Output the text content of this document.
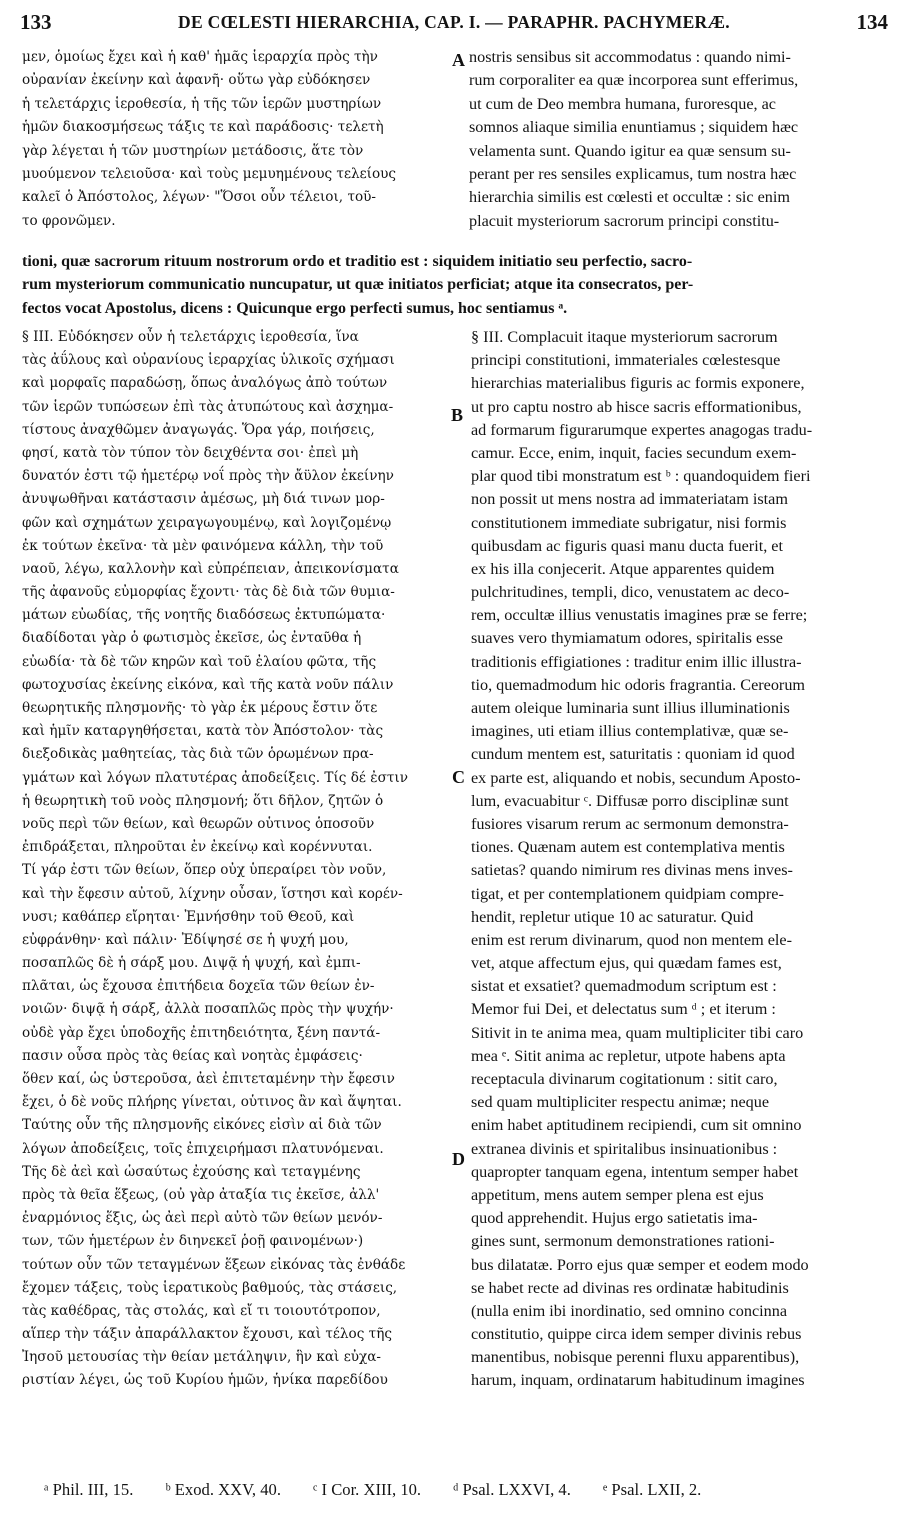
133	DE CŒLESTI HIERARCHIA, CAP. I. — PARAPHR. PACHYMERÆ.	134
μεν, ὁμοίως ἔχει καὶ ἡ καθ' ἡμᾶς ἱεραρχία πρὸς τὴν
οὐρανίαν ἐκείνην καὶ ἀφανῆ· οὕτω γὰρ εὐδόκησεν
ἡ τελετάρχις ἱεροθεσία, ἡ τῆς τῶν ἱερῶν μυστηρίων
ἡμῶν διακοσμήσεως τάξις τε καὶ παράδοσις· τελετὴ
γὰρ λέγεται ἡ τῶν μυστηρίων μετάδοσις, ἅτε τὸν
μυούμενον τελειοῦσα· καὶ τοὺς μεμυημένους τελείους
καλεῖ ὁ Ἀπόστολος, λέγων· "Ὅσοι οὖν τέλειοι, τοῦ-
το φρονῶμεν.
nostris sensibus sit accommodatus : quando nimi-
rum corporaliter ea quæ incorporea sunt efferimus,
ut cum de Deo membra humana, furoresque, ac
somnos aliaque similia enuntiamus ; siquidem hæc
velamenta sunt. Quando igitur ea quæ sensum su-
perant per res sensiles explicamus, tum nostra hæc
hierarchia similis est cœlesti et occultæ : sic enim
placuit mysteriorum sacrorum principi constitu-
tioni, quæ sacrorum rituum nostrorum ordo et traditio est : siquidem initiatio seu perfectio, sacro-
rum mysteriorum communicatio nuncupatur, ut quæ initiatos perficiat; atque ita consecratos, per-
fectos vocat Apostolus, dicens : Quicunque ergo perfecti sumus, hoc sentiamus ᵃ.
§ III. Εὐδόκησεν οὖν ἡ τελετάρχις ἱεροθεσία, ἵνα
τὰς ἀΰλους καὶ οὐρανίους ἱεραρχίας ὑλικοῖς σχήμασι
καὶ μορφαῖς παραδώσῃ, ὅπως ἀναλόγως ἀπὸ τούτων
τῶν ἱερῶν τυπώσεων ἐπὶ τὰς ἀτυπώτους καὶ ἀσχημα-
τίστους ἀναχθῶμεν ἀναγωγάς. Ὅρα γάρ, ποιήσεις,
φησί, κατὰ τὸν τύπον τὸν δειχθέντα σοι· ἐπεὶ μὴ
δυνατόν ἐστι τῷ ἡμετέρῳ νοΐ πρὸς τὴν ἄϋλον ἐκείνην
ἀνυψωθῆναι κατάστασιν ἀμέσως, μὴ διά τινων μορ-
φῶν καὶ σχημάτων χειραγωγουμένῳ, καὶ λογιζομένῳ
ἐκ τούτων ἐκεῖνα· τὰ μὲν φαινόμενα κάλλη, τὴν τοῦ
ναοῦ, λέγω, καλλονὴν καὶ εὐπρέπειαν, ἀπεικονίσματα
τῆς ἀφανοῦς εὐμορφίας ἔχοντι· τὰς δὲ διὰ τῶν θυμια-
μάτων εὐωδίας, τῆς νοητῆς διαδόσεως ἐκτυπώματα·
διαδίδοται γὰρ ὁ φωτισμὸς ἐκεῖσε, ὡς ἐνταῦθα ἡ
εὐωδία· τὰ δὲ τῶν κηρῶν καὶ τοῦ ἐλαίου φῶτα, τῆς
φωτοχυσίας ἐκείνης εἰκόνα, καὶ τῆς κατὰ νοῦν πάλιν
θεωρητικῆς πλησμονῆς· τὸ γὰρ ἐκ μέρους ἔστιν ὅτε
καὶ ἡμῖν καταργηθήσεται, κατὰ τὸν Ἀπόστολον· τὰς
διεξοδικὰς μαθητείας, τὰς διὰ τῶν ὁρωμένων πρα-
γμάτων καὶ λόγων πλατυτέρας ἀποδείξεις. Τίς δέ ἐστιν
ἡ θεωρητικὴ τοῦ νοὸς πλησμονή; ὅτι δῆλον, ζητῶν ὁ
νοῦς περὶ τῶν θείων, καὶ θεωρῶν οὑτινος ὁποσοῦν
ἐπιδράξεται, πληροῦται ἐν ἐκείνῳ καὶ κορέννυται.
Τί γάρ ἐστι τῶν θείων, ὅπερ οὐχ ὑπεραίρει τὸν νοῦν,
καὶ τὴν ἔφεσιν αὐτοῦ, λίχνην οὖσαν, ἵστησι καὶ κορέν-
νυσι; καθάπερ εἴρηται· Ἐμνήσθην τοῦ Θεοῦ, καὶ
εὐφράνθην· καὶ πάλιν· Ἐδίψησέ σε ἡ ψυχή μου,
ποσαπλῶς δὲ ἡ σάρξ μου. Διψᾷ ἡ ψυχή, καὶ ἐμπι-
πλᾶται, ὡς ἔχουσα ἐπιτήδεια δοχεῖα τῶν θείων ἐν-
νοιῶν· διψᾷ ἡ σάρξ, ἀλλὰ ποσαπλῶς πρὸς τὴν ψυχήν·
οὐδὲ γὰρ ἔχει ὑποδοχῆς ἐπιτηδειότητα, ξένη παντά-
πασιν οὖσα πρὸς τὰς θείας καὶ νοητὰς ἐμφάσεις·
ὅθεν καί, ὡς ὑστεροῦσα, ἀεὶ ἐπιτεταμένην τὴν ἔφεσιν
ἔχει, ὁ δὲ νοῦς πλήρης γίνεται, οὑτινος ἂν καὶ ἅψηται.
Ταύτης οὖν τῆς πλησμονῆς εἰκόνες εἰσὶν αἱ διὰ τῶν
λόγων ἀποδείξεις, τοῖς ἐπιχειρήμασι πλατυνόμεναι.
Τῆς δὲ ἀεὶ καὶ ὡσαύτως ἐχούσης καὶ τεταγμένης
πρὸς τὰ θεῖα ἕξεως, (οὐ γὰρ ἀταξία τις ἐκεῖσε, ἀλλ'
ἐναρμόνιος ἕξις, ὡς ἀεὶ περὶ αὐτὸ τῶν θείων μενόν-
των, τῶν ἡμετέρων ἐν διηνεκεῖ ῥοῇ φαινομένων·)
τούτων οὖν τῶν τεταγμένων ἕξεων εἰκόνας τὰς ἐνθάδε
ἔχομεν τάξεις, τοὺς ἱερατικοὺς βαθμούς, τὰς στάσεις,
τὰς καθέδρας, τὰς στολάς, καὶ εἴ τι τοιουτότροπον,
αἵπερ τὴν τάξιν ἀπαράλλακτον ἔχουσι, καὶ τέλος τῆς
Ἰησοῦ μετουσίας τὴν θείαν μετάληψιν, ἣν καὶ εὐχα-
ριστίαν λέγει, ὡς τοῦ Κυρίου ἡμῶν, ἡνίκα παρεδίδου
§ III. Complacuit itaque mysteriorum sacrorum
principi constitutioni, immateriales cœlestesque
hierarchias materialibus figuris ac formis exponere,
ut pro captu nostro ab hisce sacris efformationibus,
ad formarum figurarumque expertes anagogas tradu-
camur. Ecce, enim, inquit, facies secundum exem-
plar quod tibi monstratum est ᵇ : quandoquidem fieri
non possit ut mens nostra ad immateriatam istam
constitutionem immediate subrigatur, nisi formis
quibusdam ac figuris quasi manu ducta fuerit, et
ex his illa conjecerit. Atque apparentes quidem
pulchritudines, templi, dico, venustatem ac deco-
rem, occultæ illius venustatis imagines præ se ferre;
suaves vero thymiamatum odores, spiritalis esse
traditionis effigiationes : traditur enim illic illustra-
tio, quemadmodum hic odoris fragrantia. Cereorum
autem oleique luminaria sunt illius illuminationis
imagines, uti etiam illius contemplativæ, quæ se-
cundum mentem est, saturitatis : quoniam id quod
ex parte est, aliquando et nobis, secundum Aposto-
lum, evacuabitur ᶜ. Diffusæ porro disciplinæ sunt
fusiores visarum rerum ac sermonum demonstra-
tiones. Quænam autem est contemplativa mentis
satietas? quando nimirum res divinas mens inves-
tigat, et per contemplationem quidpiam compre-
hendit, repletur utique 10 ac saturatur. Quid
enim est rerum divinarum, quod non mentem ele-
vet, atque affectum ejus, qui quædam fames est,
sistat et exsatiet? quemadmodum scriptum est :
Memor fui Dei, et delectatus sum ᵈ ; et iterum :
Sitivit in te anima mea, quam multipliciter tibi caro
mea ᵉ. Sitit anima ac repletur, utpote habens apta
receptacula divinarum cogitationum : sitit caro,
sed quam multipliciter respectu animæ; neque
enim habet aptitudinem recipiendi, cum sit omnino
extranea divinis et spiritalibus insinuationibus :
quapropter tanquam egena, intentum semper habet
appetitum, mens autem semper plena est ejus
quod apprehendit. Hujus ergo satietatis ima-
gines sunt, sermonum demonstrationes rationi-
bus dilatatæ. Porro ejus quæ semper et eodem modo
se habet recte ad divinas res ordinatæ habitudinis
(nulla enim ibi inordinatio, sed omnino concinna
constitutio, quippe circa idem semper divinis rebus
manentibus, nobisque perenni fluxu apparentibus),
harum, inquam, ordinatarum habitudinum imagines
A
B
C
D
ᵃ Phil. III, 15. ᵇ Exod. XXV, 40. ᶜ I Cor. XIII, 10. ᵈ Psal. LXXVI, 4. ᵉ Psal. LXII, 2.
